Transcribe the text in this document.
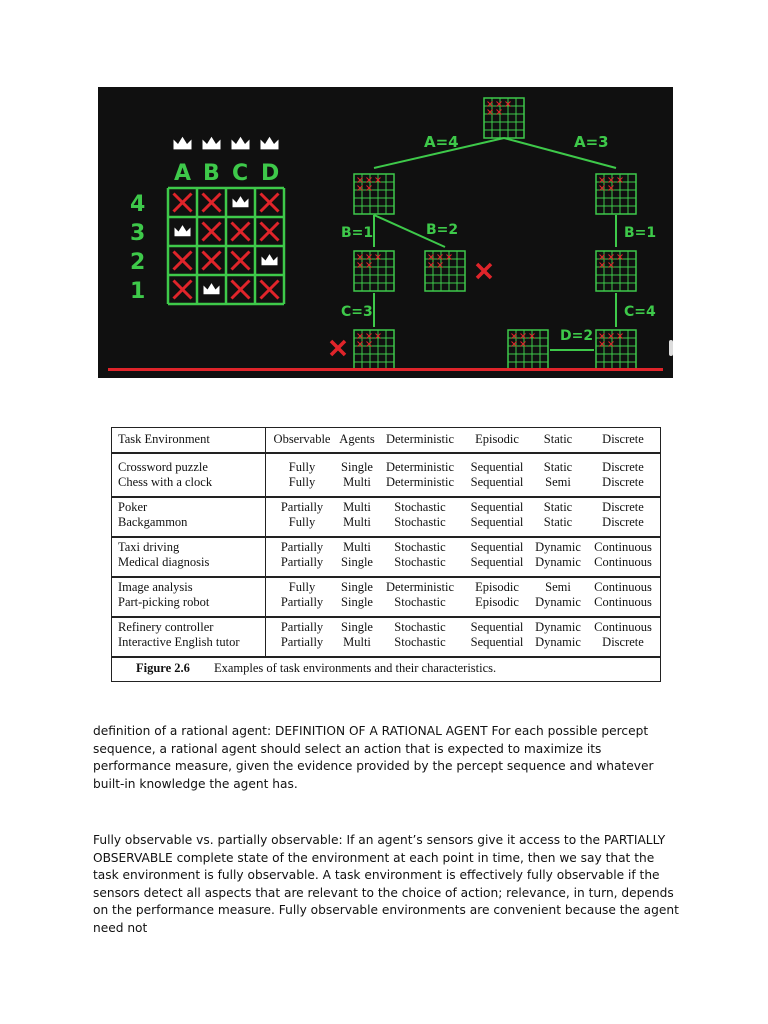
A B C D
4
3
2
1
A=4	A=3
B=1	B=2	B=1
C=3	C=4
D=2
Task Environment	Observable Agents Deterministic Episodic Static Discrete
Crossword puzzle	Fully Single Deterministic Sequential Static Discrete
Chess with a clock	Fully Multi Deterministic Sequential Semi	Discrete
Poker	Partially Multi Stochastic Sequential Static Discrete
Backgammon	Fully Multi Stochastic Sequential Static Discrete
Taxi driving	Partially Multi Stochastic Sequential Dynamic Continuous
Medical diagnosis	Partially Single Stochastic Sequential Dynamic Continuous
Image analysis	Fully Single Deterministic Episodic Semi Continuous
Part-picking robot	Partially Single Stochastic Episodic Dynamic Continuous
Refinery controller	Partially Single Stochastic Sequential Dynamic Continuous
Interactive English tutor	Partially Multi Stochastic Sequential Dynamic Discrete
Figure 2.6 Examples of task environments and their characteristics.

definition of a rational agent: DEFINITION OF A RATIONAL AGENT For each possible percept sequence, a rational agent should select an action that is expected to maximize its performance measure, given the evidence provided by the percept sequence and whatever built-in knowledge the agent has.

Fully observable vs. partially observable: If an agent’s sensors give it access to the PARTIALLY OBSERVABLE complete state of the environment at each point in time, then we say that the task environment is fully observable. A task environment is effectively fully observable if the sensors detect all aspects that are relevant to the choice of action; relevance, in turn, depends on the performance measure. Fully observable environments are convenient because the agent need not
